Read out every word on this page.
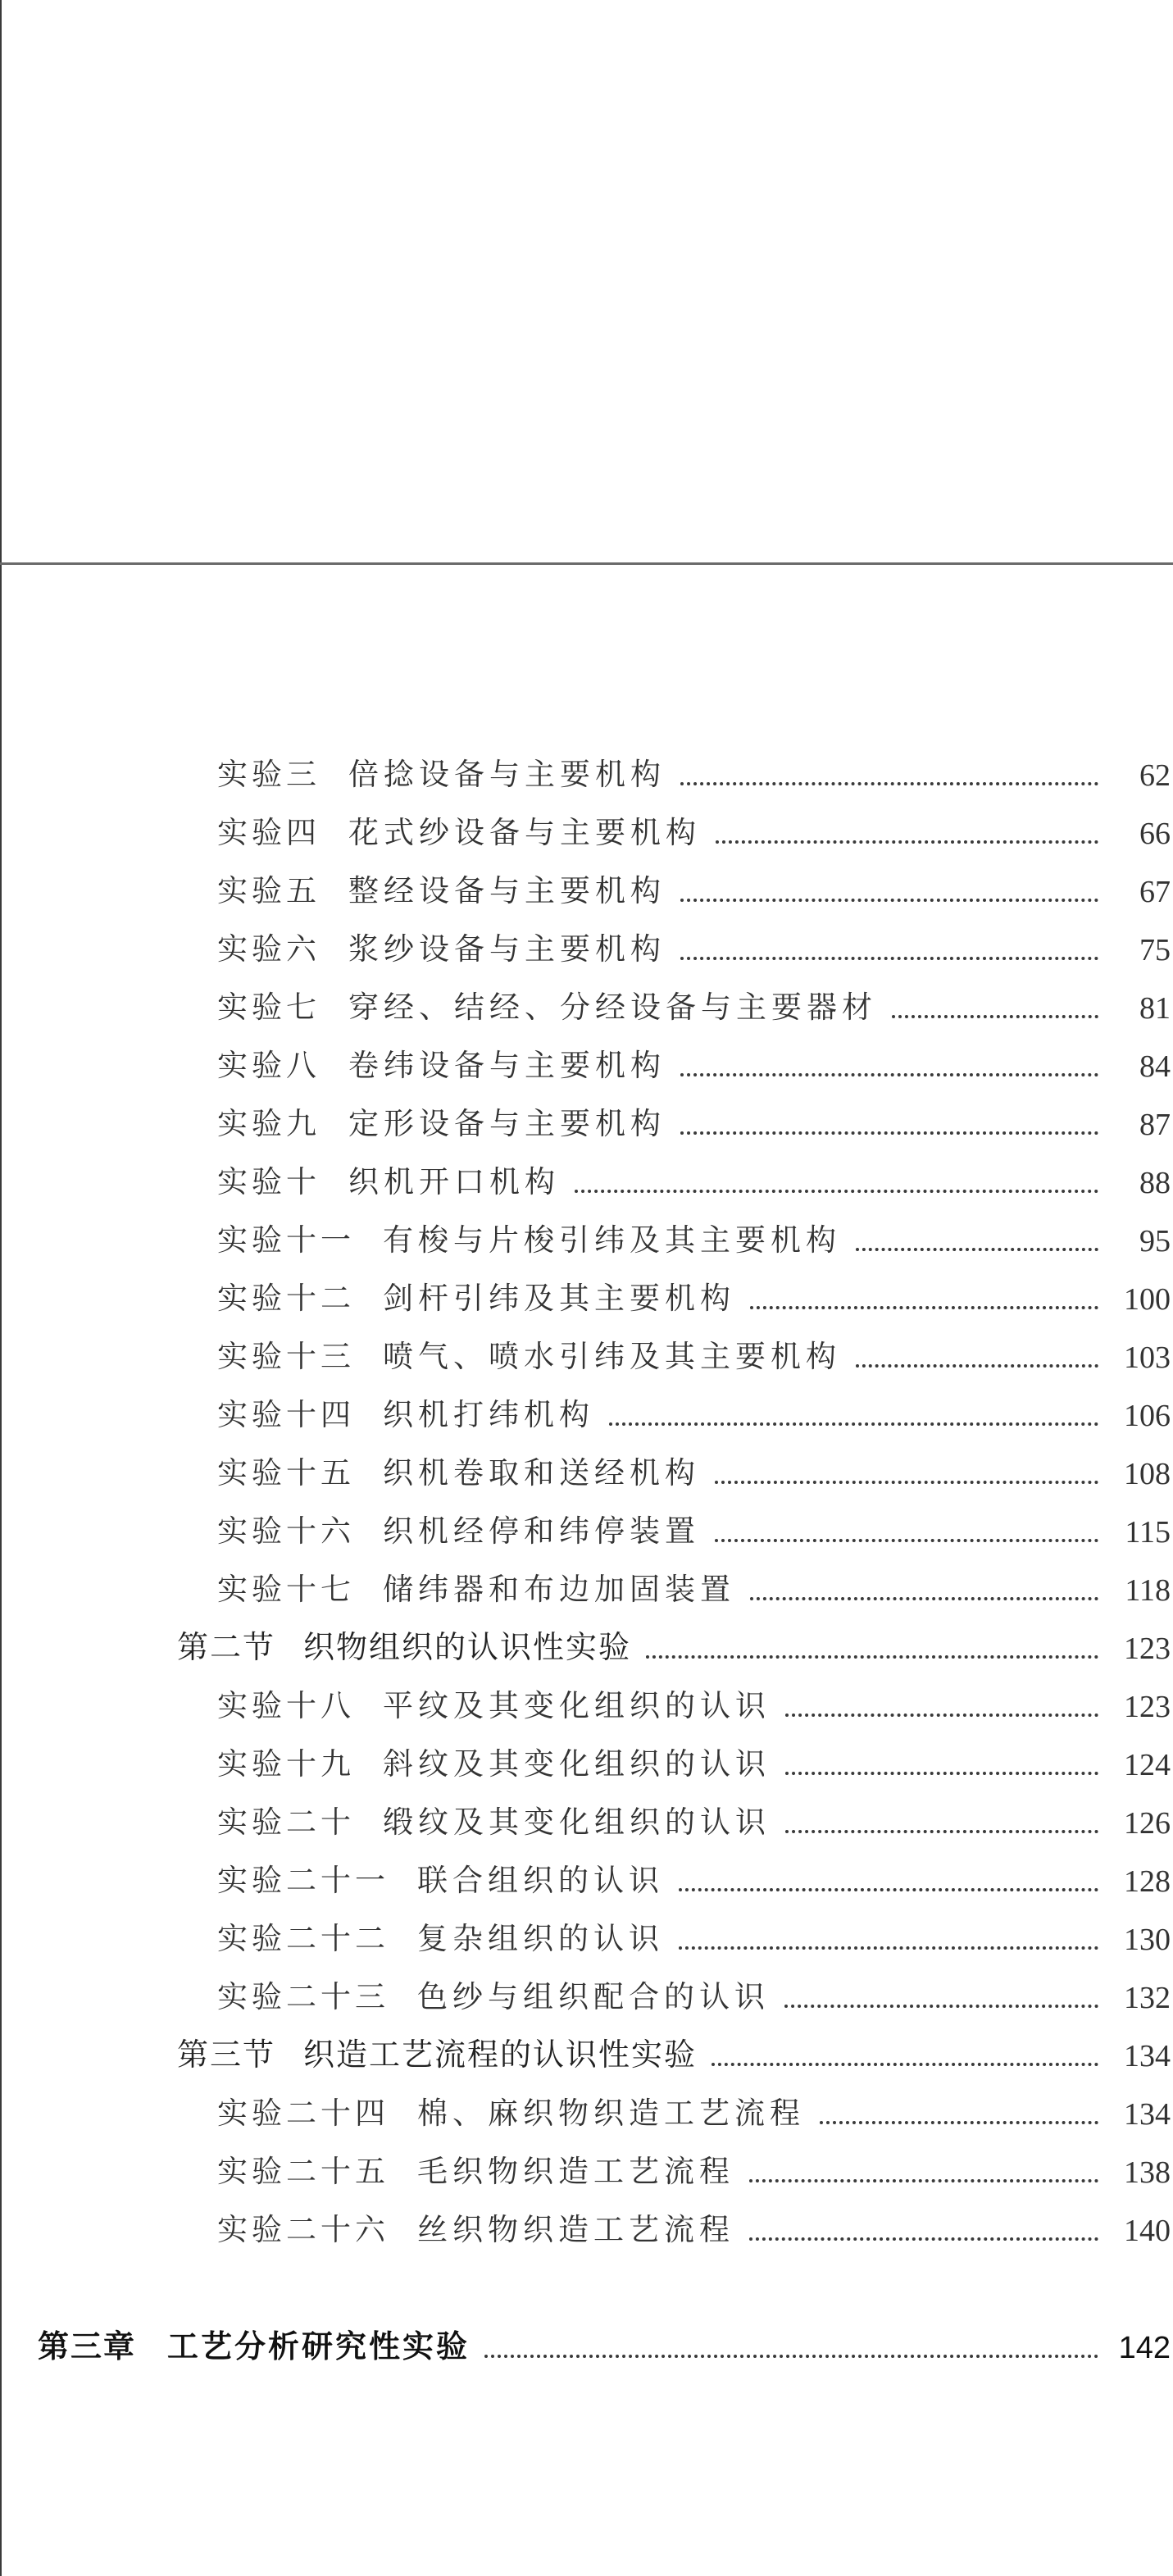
实验三 倍捻设备与主要机构	62
实验四 花式纱设备与主要机构	66
实验五 整经设备与主要机构	67
实验六 浆纱设备与主要机构	75
实验七 穿经、结经、分经设备与主要器材	81
实验八 卷纬设备与主要机构	84
实验九 定形设备与主要机构	87
实验十 织机开口机构	88
实验十一 有梭与片梭引纬及其主要机构	95
实验十二 剑杆引纬及其主要机构	100
实验十三 喷气、喷水引纬及其主要机构	103
实验十四 织机打纬机构	106
实验十五 织机卷取和送经机构	108
实验十六 织机经停和纬停装置	115
实验十七 储纬器和布边加固装置	118
第二节 织物组织的认识性实验	123
实验十八 平纹及其变化组织的认识	123
实验十九 斜纹及其变化组织的认识	124
实验二十 缎纹及其变化组织的认识	126
实验二十一 联合组织的认识	128
实验二十二 复杂组织的认识	130
实验二十三 色纱与组织配合的认识	132
第三节 织造工艺流程的认识性实验	134
实验二十四 棉、麻织物织造工艺流程	134
实验二十五 毛织物织造工艺流程	138
实验二十六 丝织物织造工艺流程	140
第三章 工艺分析研究性实验	142
